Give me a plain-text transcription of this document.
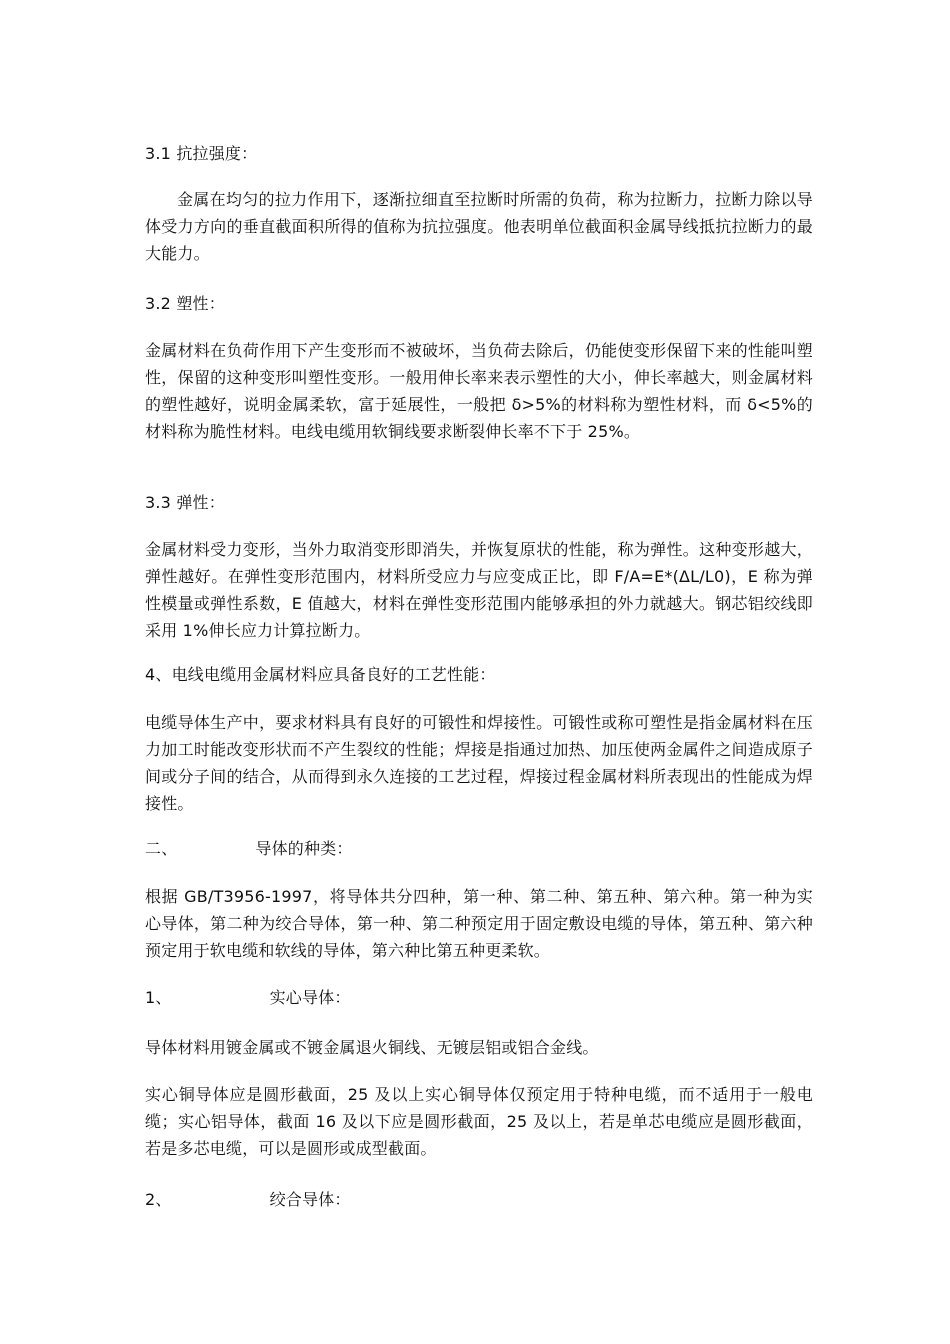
3.1 抗拉强度：
金属在均匀的拉力作用下，逐渐拉细直至拉断时所需的负荷，称为拉断力，拉断力除以导体受力方向的垂直截面积所得的值称为抗拉强度。他表明单位截面积金属导线抵抗拉断力的最大能力。
3.2 塑性：
金属材料在负荷作用下产生变形而不被破坏，当负荷去除后，仍能使变形保留下来的性能叫塑性，保留的这种变形叫塑性变形。一般用伸长率来表示塑性的大小，伸长率越大，则金属材料的塑性越好，说明金属柔软，富于延展性，一般把 δ>5%的材料称为塑性材料，而 δ<5%的材料称为脆性材料。电线电缆用软铜线要求断裂伸长率不下于 25%。
3.3 弹性：
金属材料受力变形，当外力取消变形即消失，并恢复原状的性能，称为弹性。这种变形越大，弹性越好。在弹性变形范围内，材料所受应力与应变成正比，即 F/A=E*(ΔL/L0)，E 称为弹性模量或弹性系数，E 值越大，材料在弹性变形范围内能够承担的外力就越大。钢芯铝绞线即采用 1%伸长应力计算拉断力。
4、电线电缆用金属材料应具备良好的工艺性能：
电缆导体生产中，要求材料具有良好的可锻性和焊接性。可锻性或称可塑性是指金属材料在压力加工时能改变形状而不产生裂纹的性能；焊接是指通过加热、加压使两金属件之间造成原子间或分子间的结合，从而得到永久连接的工艺过程，焊接过程金属材料所表现出的性能成为焊接性。
二、	导体的种类：
根据 GB/T3956-1997，将导体共分四种，第一种、第二种、第五种、第六种。第一种为实心导体，第二种为绞合导体，第一种、第二种预定用于固定敷设电缆的导体，第五种、第六种预定用于软电缆和软线的导体，第六种比第五种更柔软。
1、	实心导体：
导体材料用镀金属或不镀金属退火铜线、无镀层铝或铝合金线。
实心铜导体应是圆形截面，25 及以上实心铜导体仅预定用于特种电缆，而不适用于一般电缆；实心铝导体，截面 16 及以下应是圆形截面，25 及以上，若是单芯电缆应是圆形截面，若是多芯电缆，可以是圆形或成型截面。
2、	绞合导体：
